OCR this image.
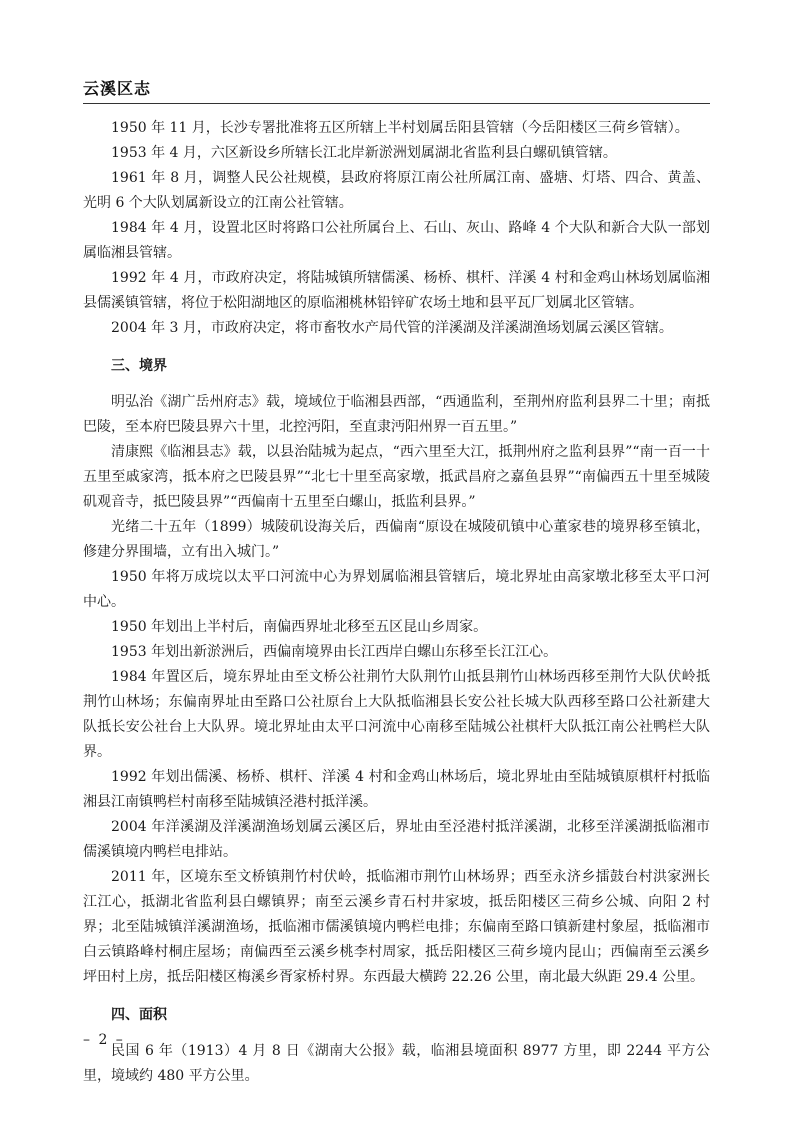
云溪区志

1950 年 11 月，长沙专署批准将五区所辖上半村划属岳阳县管辖（今岳阳楼区三荷乡管辖）。

1953 年 4 月，六区新设乡所辖长江北岸新淤洲划属湖北省监利县白螺矶镇管辖。

1961 年 8 月，调整人民公社规模，县政府将原江南公社所属江南、盛塘、灯塔、四合、黄盖、光明 6 个大队划属新设立的江南公社管辖。

1984 年 4 月，设置北区时将路口公社所属台上、石山、灰山、路峰 4 个大队和新合大队一部划属临湘县管辖。

1992 年 4 月，市政府决定，将陆城镇所辖儒溪、杨桥、棋杆、洋溪 4 村和金鸡山林场划属临湘县儒溪镇管辖，将位于松阳湖地区的原临湘桃林铅锌矿农场土地和县平瓦厂划属北区管辖。

2004 年 3 月，市政府决定，将市畜牧水产局代管的洋溪湖及洋溪湖渔场划属云溪区管辖。

三、境界

明弘治《湖广岳州府志》载，境域位于临湘县西部，“西通监利，至荆州府监利县界二十里；南抵巴陵，至本府巴陵县界六十里，北控沔阳，至直隶沔阳州界一百五里。”

清康熙《临湘县志》载，以县治陆城为起点，“西六里至大江，抵荆州府之监利县界”“南一百一十五里至戚家湾，抵本府之巴陵县界”“北七十里至高家墩，抵武昌府之嘉鱼县界”“南偏西五十里至城陵矶观音寺，抵巴陵县界”“西偏南十五里至白螺山，抵监利县界。”

光绪二十五年（1899）城陵矶设海关后，西偏南“原设在城陵矶镇中心董家巷的境界移至镇北，修建分界围墙，立有出入城门。”

1950 年将万成垸以太平口河流中心为界划属临湘县管辖后，境北界址由高家墩北移至太平口河中心。

1950 年划出上半村后，南偏西界址北移至五区昆山乡周家。

1953 年划出新淤洲后，西偏南境界由长江西岸白螺山东移至长江江心。

1984 年置区后，境东界址由至文桥公社荆竹大队荆竹山抵县荆竹山林场西移至荆竹大队伏岭抵荆竹山林场；东偏南界址由至路口公社原台上大队抵临湘县长安公社长城大队西移至路口公社新建大队抵长安公社台上大队界。境北界址由太平口河流中心南移至陆城公社棋杆大队抵江南公社鸭栏大队界。

1992 年划出儒溪、杨桥、棋杆、洋溪 4 村和金鸡山林场后，境北界址由至陆城镇原棋杆村抵临湘县江南镇鸭栏村南移至陆城镇泾港村抵洋溪。

2004 年洋溪湖及洋溪湖渔场划属云溪区后，界址由至泾港村抵洋溪湖，北移至洋溪湖抵临湘市儒溪镇境内鸭栏电排站。

2011 年，区境东至文桥镇荆竹村伏岭，抵临湘市荆竹山林场界；西至永济乡擂鼓台村洪家洲长江江心，抵湖北省监利县白螺镇界；南至云溪乡青石村井家坡，抵岳阳楼区三荷乡公城、向阳 2 村界；北至陆城镇洋溪湖渔场，抵临湘市儒溪镇境内鸭栏电排；东偏南至路口镇新建村象屋，抵临湘市白云镇路峰村桐庄屋场；南偏西至云溪乡桃李村周家，抵岳阳楼区三荷乡境内昆山；西偏南至云溪乡坪田村上房，抵岳阳楼区梅溪乡胥家桥村界。东西最大横跨 22.26 公里，南北最大纵距 29.4 公里。

四、面积

民国 6 年（1913）4 月 8 日《湖南大公报》载，临湘县境面积 8977 方里，即 2244 平方公里，境域约 480 平方公里。

– 2 –
